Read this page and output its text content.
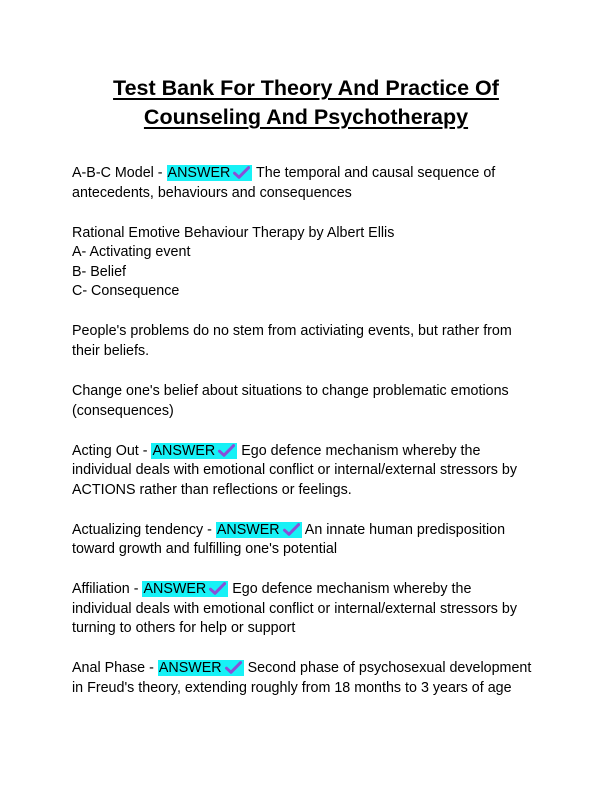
Test Bank For Theory And Practice Of
Counseling And Psychotherapy
A-B-C Model - ANSWER The temporal and causal sequence of
antecedents, behaviours and consequences
Rational Emotive Behaviour Therapy by Albert Ellis
A- Activating event
B- Belief
C- Consequence
People's problems do no stem from activiating events, but rather from
their beliefs.
Change one's belief about situations to change problematic emotions
(consequences)
Acting Out - ANSWER Ego defence mechanism whereby the
individual deals with emotional conflict or internal/external stressors by
ACTIONS rather than reflections or feelings.
Actualizing tendency - ANSWER An innate human predisposition
toward growth and fulfilling one's potential
Affiliation - ANSWER Ego defence mechanism whereby the
individual deals with emotional conflict or internal/external stressors by
turning to others for help or support
Anal Phase - ANSWER Second phase of psychosexual development
in Freud's theory, extending roughly from 18 months to 3 years of age
